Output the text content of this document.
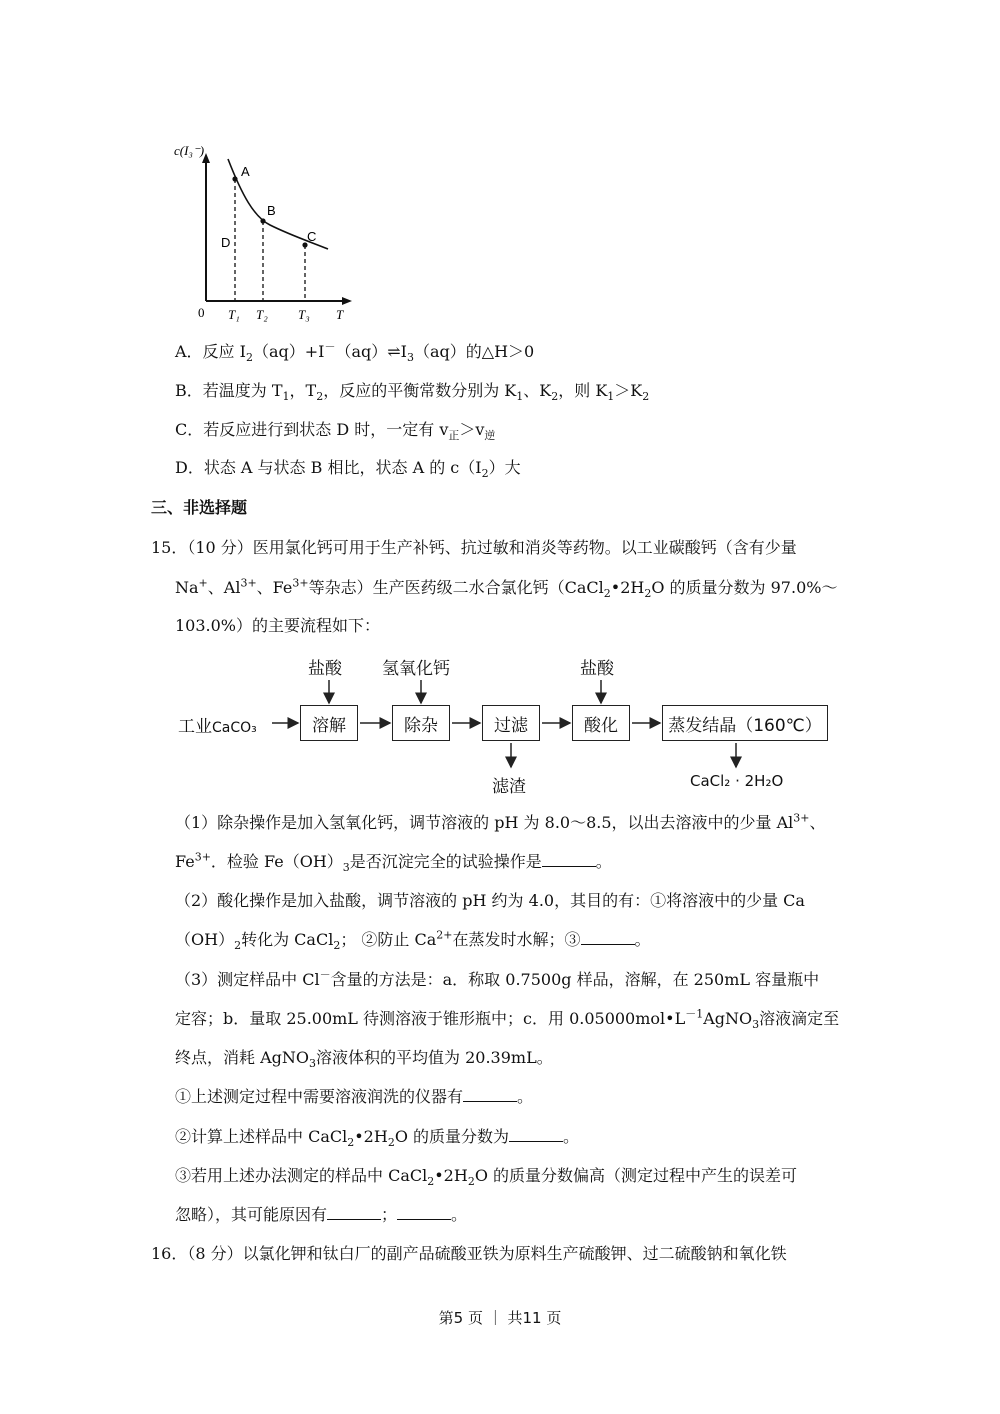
A
B
C
D
c(I₃⁻)
0 T₁ T₂ T₃ T
A．反应 $I_2(aq)+I^-(aq)\rightleftharpoons I_3(aq)$的△H＞0
B．若温度为 $T_1$，$T_2$，反应的平衡常数分别为 $K_1$、$K_2$，则 $K_1>K_2$
C．若反应进行到状态 D 时，一定有 $v_正>v_逆$
D．状态 A 与状态 B 相比，状态 A 的 $c(I_2)$大
三、非选择题
15．（10 分）医用氯化钙可用于生产补钙、抗过敏和消炎等药物。以工业碳酸钙（含有少量
Na+、$Al^{3+}$、$Fe^{3+}$等杂志）生产医药级二水合氯化钙（$CaCl_2•2H_2O$ 的质量分数为 97.0%～
103.0%）的主要流程如下：
工业CaCO₃	溶解	除杂	过滤	酸化	蒸发结晶（160℃）
盐酸 氢氧化钙	盐酸
滤渣	CaCl₂ · 2H₂O
（1）除杂操作是加入氢氧化钙，调节溶液的 pH 为 8.0～8.5，以出去溶液中的少量 $Al^{3+}$、
$Fe^{3+}$．检验 $Fe(OH)_3$是否沉淀完全的试验操作是	。
（2）酸化操作是加入盐酸，调节溶液的 pH 约为 4.0，其目的有：①将溶液中的少量 Ca
$(OH)_2$转化为 CaCl$_2$； ②防止 $Ca^{2+}$在蒸发时水解；③	。
（3）测定样品中 Cl－含量的方法是：a．称取 0.7500g 样品，溶解，在 250mL 容量瓶中
定容；b．量取 25.00mL 待测溶液于锥形瓶中；c．用 $0.05000mol•L^{-1}AgNO_3$溶液滴定至
终点，消耗 AgNO$_3$溶液体积的平均值为 20.39mL。
①上述测定过程中需要溶液润洗的仪器有	。
②计算上述样品中 $CaCl_2•2H_2O$ 的质量分数为	。
③若用上述办法测定的样品中 $CaCl_2•2H_2O$ 的质量分数偏高（测定过程中产生的误差可
忽略），其可能原因有	；	。
16．（8 分）以氯化钾和钛白厂的副产品硫酸亚铁为原料生产硫酸钾、过二硫酸钠和氧化铁
第5 页 ｜ 共11 页
